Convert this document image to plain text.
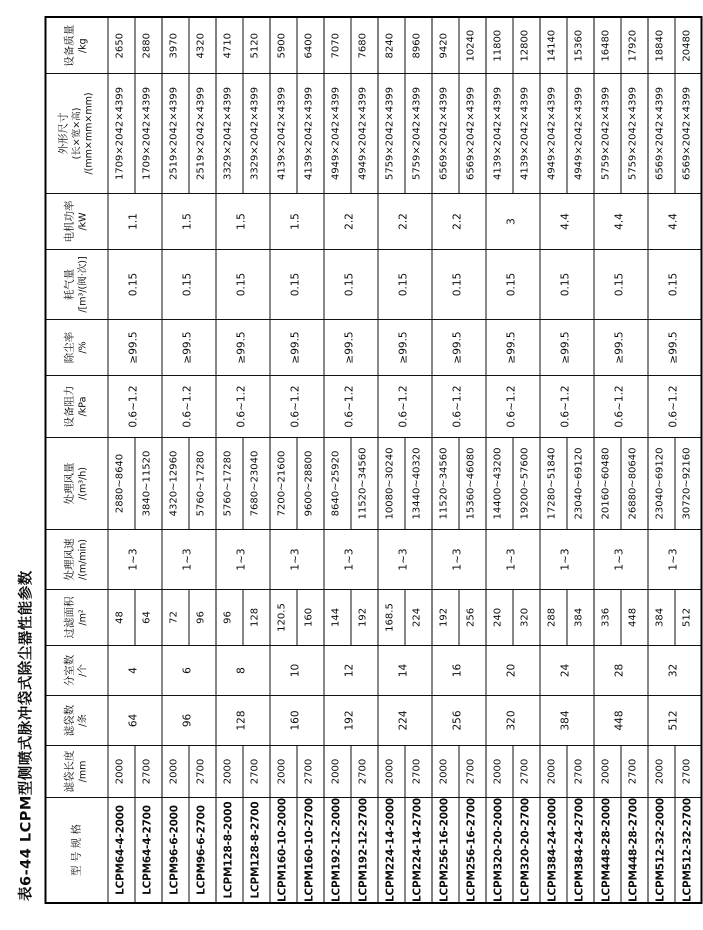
表6-44 LCPM型侧喷式脉冲袋式除尘器性能参数	型 号 规 格	滤袋长度 /mm	滤袋数 /条	分室数 /个	过滤面积 /m²	处理风速 /(m/min)	处理风量 /(m³/h)	设备阻力 /kPa	除尘率 /%	耗气量 /[m³/(阀·次)]	电机功率 /kW	外形尺寸 (长×宽×高) /(mm×mm×mm)	设备质量 /kg

LCPM64-4-2000	2000	64	4	48	1~3	2880~8640	0.6~1.2	≥99.5	0.15	1.1	1709×2042×4399	2650
LCPM64-4-2700	2700			64		3840~11520					1709×2042×4399	2880
LCPM96-6-2000	2000	96	6	72	1~3	4320~12960	0.6~1.2	≥99.5	0.15	1.5	2519×2042×4399	3970
LCPM96-6-2700	2700			96		5760~17280					2519×2042×4399	4320
LCPM128-8-2000	2000	128	8	96	1~3	5760~17280	0.6~1.2	≥99.5	0.15	1.5	3329×2042×4399	4710
LCPM128-8-2700	2700			128		7680~23040					3329×2042×4399	5120
LCPM160-10-2000	2000	160	10	120.5	1~3	7200~21600	0.6~1.2	≥99.5	0.15	1.5	4139×2042×4399	5900
LCPM160-10-2700	2700			160		9600~28800					4139×2042×4399	6400
LCPM192-12-2000	2000	192	12	144	1~3	8640~25920	0.6~1.2	≥99.5	0.15	2.2	4949×2042×4399	7070
LCPM192-12-2700	2700			192		11520~34560					4949×2042×4399	7680
LCPM224-14-2000	2000	224	14	168.5	1~3	10080~30240	0.6~1.2	≥99.5	0.15	2.2	5759×2042×4399	8240
LCPM224-14-2700	2700			224		13440~40320					5759×2042×4399	8960
LCPM256-16-2000	2000	256	16	192	1~3	11520~34560	0.6~1.2	≥99.5	0.15	2.2	6569×2042×4399	9420
LCPM256-16-2700	2700			256		15360~46080					6569×2042×4399	10240
LCPM320-20-2000	2000	320	20	240	1~3	14400~43200	0.6~1.2	≥99.5	0.15	3	4139×2042×4399	11800
LCPM320-20-2700	2700			320		19200~57600					4139×2042×4399	12800
LCPM384-24-2000	2000	384	24	288	1~3	17280~51840	0.6~1.2	≥99.5	0.15	4.4	4949×2042×4399	14140
LCPM384-24-2700	2700			384		23040~69120					4949×2042×4399	15360
LCPM448-28-2000	2000	448	28	336	1~3	20160~60480	0.6~1.2	≥99.5	0.15	4.4	5759×2042×4399	16480
LCPM448-28-2700	2700			448		26880~80640					5759×2042×4399	17920
LCPM512-32-2000	2000	512	32	384	1~3	23040~69120	0.6~1.2	≥99.5	0.15	4.4	6569×2042×4399	18840
LCPM512-32-2700	2700			512		30720~92160					6569×2042×4399	20480
